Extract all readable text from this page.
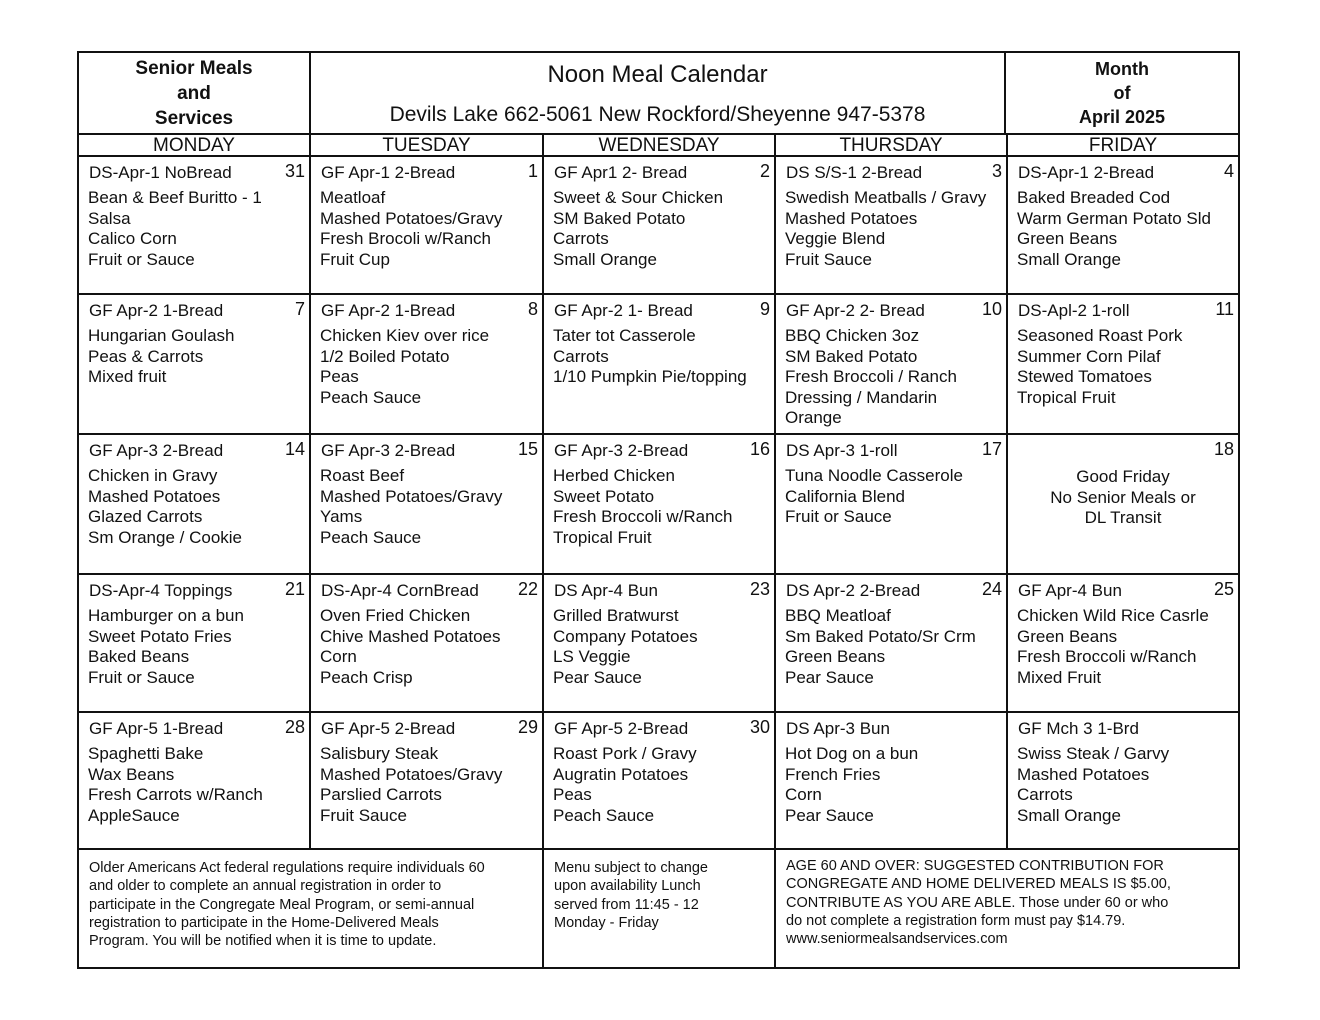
Senior Meals
and
Services
Noon Meal Calendar
Devils Lake 662-5061 New Rockford/Sheyenne 947-5378
Month
of
April 2025
MONDAY	TUESDAY	WEDNESDAY	THURSDAY	FRIDAY
DS-Apr-1 NoBread	31
Bean & Beef Buritto - 1
Salsa
Calico Corn
Fruit or Sauce
GF Apr-1 2-Bread	1
Meatloaf
Mashed Potatoes/Gravy
Fresh Brocoli w/Ranch
Fruit Cup
GF Apr1 2- Bread	2
Sweet & Sour Chicken
SM Baked Potato
Carrots
Small Orange
DS S/S-1 2-Bread	3
Swedish Meatballs / Gravy
Mashed Potatoes
Veggie Blend
Fruit Sauce
DS-Apr-1 2-Bread	4
Baked Breaded Cod
Warm German Potato Sld
Green Beans
Small Orange
GF Apr-2 1-Bread	7
Hungarian Goulash
Peas & Carrots
Mixed fruit
GF Apr-2 1-Bread	8
Chicken Kiev over rice
1/2 Boiled Potato
Peas
Peach Sauce
GF Apr-2 1- Bread	9
Tater tot Casserole
Carrots
1/10 Pumpkin Pie/topping
GF Apr-2 2- Bread	10
BBQ Chicken 3oz
SM Baked Potato
Fresh Broccoli / Ranch
Dressing / Mandarin
Orange
DS-Apl-2 1-roll	11
Seasoned Roast Pork
Summer Corn Pilaf
Stewed Tomatoes
Tropical Fruit
GF Apr-3 2-Bread	14
Chicken in Gravy
Mashed Potatoes
Glazed Carrots
Sm Orange / Cookie
GF Apr-3 2-Bread	15
Roast Beef
Mashed Potatoes/Gravy
Yams
Peach Sauce
GF Apr-3 2-Bread	16
Herbed Chicken
Sweet Potato
Fresh Broccoli w/Ranch
Tropical Fruit
DS Apr-3 1-roll	17
Tuna Noodle Casserole
California Blend
Fruit or Sauce
18
Good Friday
No Senior Meals or
DL Transit
DS-Apr-4 Toppings	21
Hamburger on a bun
Sweet Potato Fries
Baked Beans
Fruit or Sauce
DS-Apr-4 CornBread 22
Oven Fried Chicken
Chive Mashed Potatoes
Corn
Peach Crisp
DS Apr-4 Bun	23
Grilled Bratwurst
Company Potatoes
LS Veggie
Pear Sauce
DS Apr-2 2-Bread	24
BBQ Meatloaf
Sm Baked Potato/Sr Crm
Green Beans
Pear Sauce
GF Apr-4 Bun	25
Chicken Wild Rice Casrle
Green Beans
Fresh Broccoli w/Ranch
Mixed Fruit
GF Apr-5 1-Bread	28
Spaghetti Bake
Wax Beans
Fresh Carrots w/Ranch
AppleSauce
GF Apr-5 2-Bread	29
Salisbury Steak
Mashed Potatoes/Gravy
Parslied Carrots
Fruit Sauce
GF Apr-5 2-Bread	30
Roast Pork / Gravy
Augratin Potatoes
Peas
Peach Sauce
DS Apr-3 Bun
Hot Dog on a bun
French Fries
Corn
Pear Sauce
GF Mch 3 1-Brd
Swiss Steak / Garvy
Mashed Potatoes
Carrots
Small Orange
Older Americans Act federal regulations require individuals 60
and older to complete an annual registration in order to
participate in the Congregate Meal Program, or semi-annual
registration to participate in the Home-Delivered Meals
Program. You will be notified when it is time to update.
Menu subject to change
upon availability Lunch
served from 11:45 - 12
Monday - Friday
AGE 60 AND OVER: SUGGESTED CONTRIBUTION FOR
CONGREGATE AND HOME DELIVERED MEALS IS $5.00,
CONTRIBUTE AS YOU ARE ABLE. Those under 60 or who
do not complete a registration form must pay $14.79.
www.seniormealsandservices.com
